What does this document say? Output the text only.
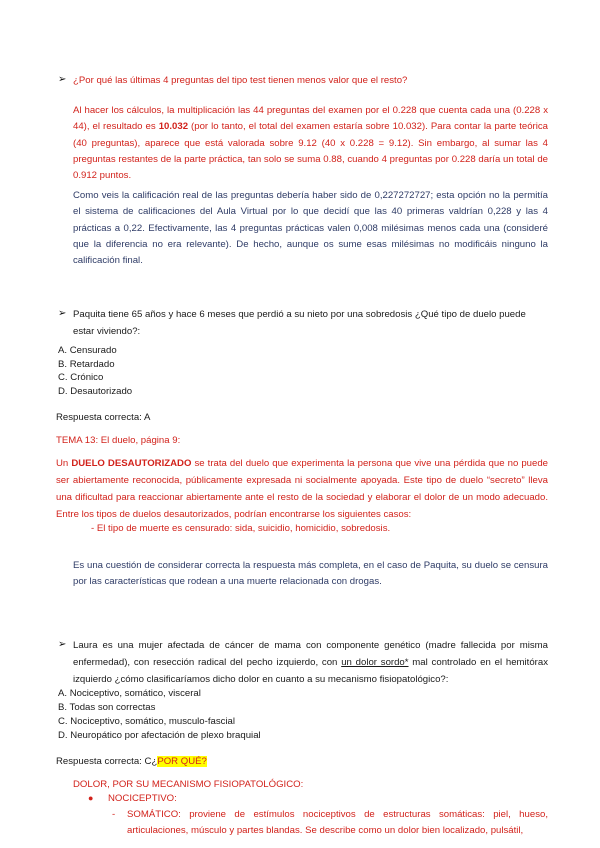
➢ ¿Por qué las últimas 4 preguntas del tipo test tienen menos valor que el resto?
Al hacer los cálculos, la multiplicación las 44 preguntas del examen por el 0.228 que cuenta cada una (0.228 x 44), el resultado es 10.032 (por lo tanto, el total del examen estaría sobre 10.032). Para contar la parte teórica (40 preguntas), aparece que está valorada sobre 9.12 (40 x 0.228 = 9.12). Sin embargo, al sumar las 4 preguntas restantes de la parte práctica, tan solo se suma 0.88, cuando 4 preguntas por 0.228 daría un total de 0.912 puntos.
Como veis la calificación real de las preguntas debería haber sido de 0,227272727; esta opción no la permitía el sistema de calificaciones del Aula Virtual por lo que decidí que las 40 primeras valdrían 0,228 y las 4 prácticas a 0,22. Efectivamente, las 4 preguntas prácticas valen 0,008 milésimas menos cada una (consideré que la diferencia no era relevante). De hecho, aunque os sume esas milésimas no modificáis ninguno la calificación final.
➢ Paquita tiene 65 años y hace 6 meses que perdió a su nieto por una sobredosis ¿Qué tipo de duelo puede estar viviendo?:
A. Censurado
B. Retardado
C. Crónico
D. Desautorizado
Respuesta correcta: A
TEMA 13: El duelo, página 9:
Un DUELO DESAUTORIZADO se trata del duelo que experimenta la persona que vive una pérdida que no puede ser abiertamente reconocida, públicamente expresada ni socialmente apoyada. Este tipo de duelo “secreto” lleva una dificultad para reaccionar abiertamente ante el resto de la sociedad y elaborar el dolor de un modo adecuado. Entre los tipos de duelos desautorizados, podrían encontrarse los siguientes casos:
- El tipo de muerte es censurado: sida, suicidio, homicidio, sobredosis.
Es una cuestión de considerar correcta la respuesta más completa, en el caso de Paquita, su duelo se censura por las características que rodean a una muerte relacionada con drogas.
➢ Laura es una mujer afectada de cáncer de mama con componente genético (madre fallecida por misma enfermedad), con resección radical del pecho izquierdo, con un dolor sordo* mal controlado en el hemitórax izquierdo ¿cómo clasificaríamos dicho dolor en cuanto a su mecanismo fisiopatológico?:
A. Nociceptivo, somático, visceral
B. Todas son correctas
C. Nociceptivo, somático, musculo-fascial
D. Neuropático por afectación de plexo braquial
Respuesta correcta: C¿POR QUÉ?
DOLOR, POR SU MECANISMO FISIOPATOLÓGICO:
● NOCICEPTIVO:
- SOMÁTICO: proviene de estímulos nociceptivos de estructuras somáticas: piel, hueso, articulaciones, músculo y partes blandas. Se describe como un dolor bien localizado, pulsátil,
